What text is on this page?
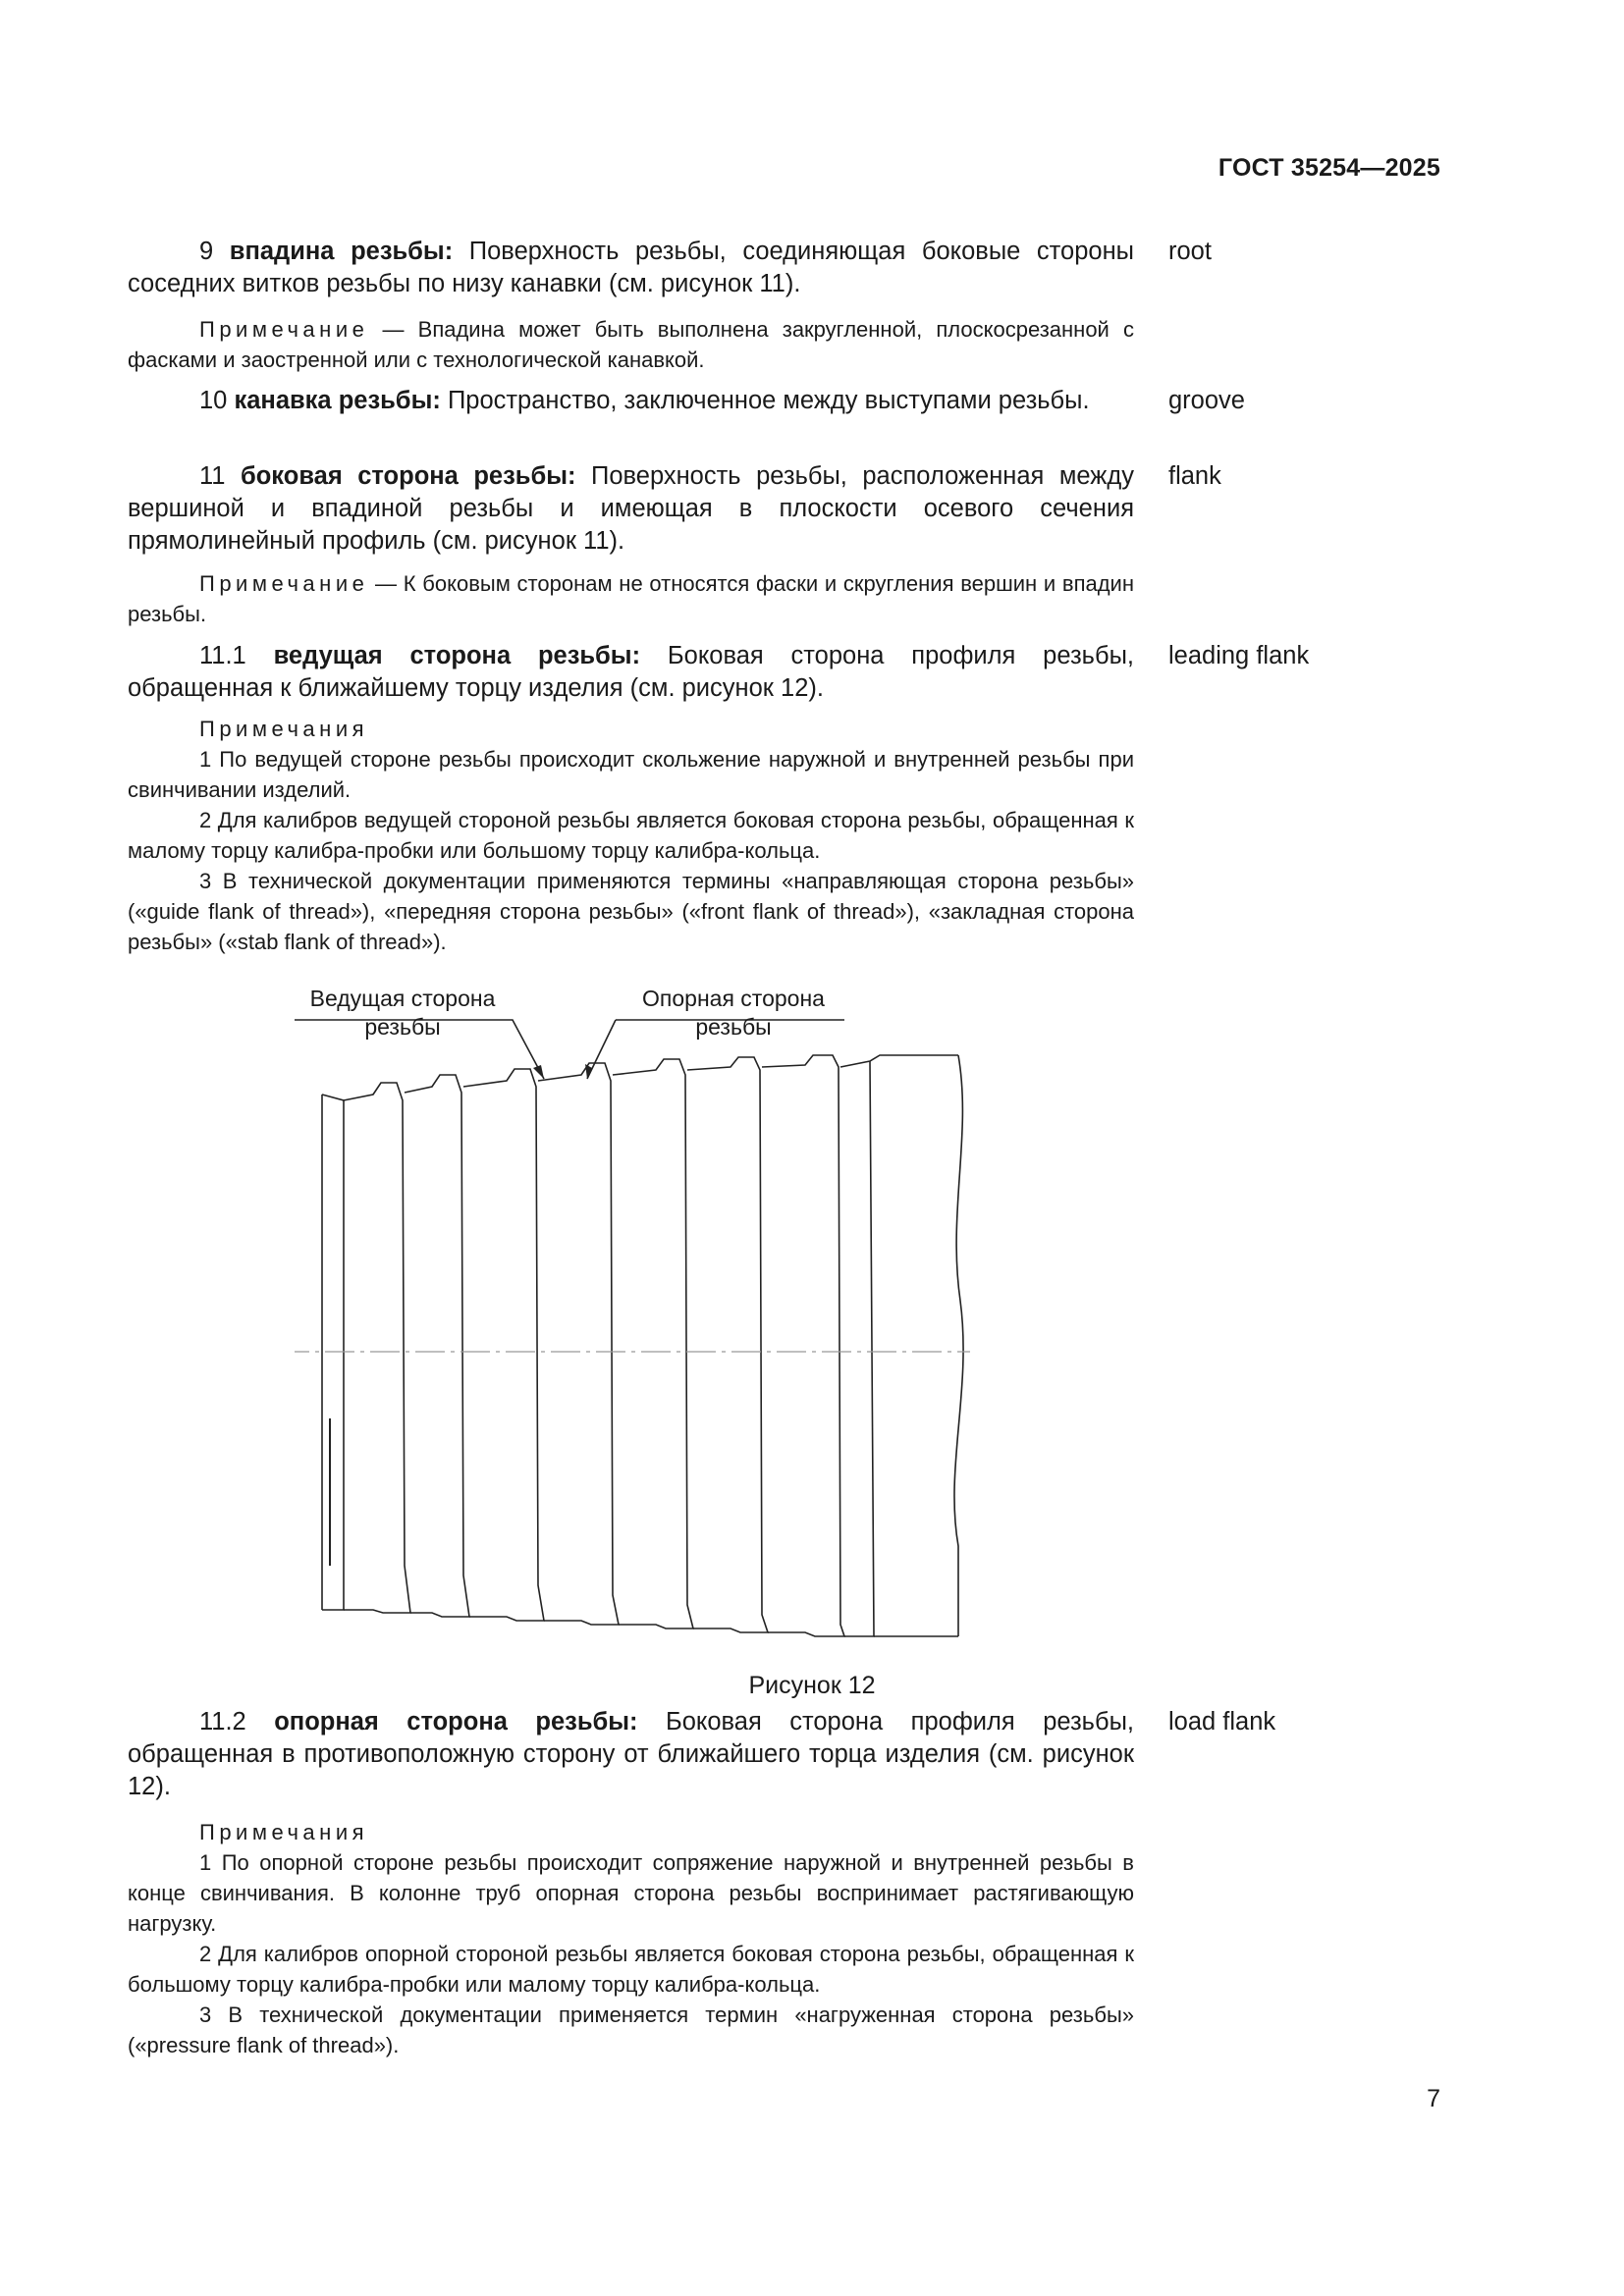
ГОСТ 35254—2025

9 впадина резьбы: Поверхность резьбы, соединяющая боковые стороны соседних витков резьбы по низу канавки (см. рисунок 11).

root

Примечание — Впадина может быть выполнена закругленной, плоскосрезанной с фасками и заостренной или с технологической канавкой.

10 канавка резьбы: Пространство, заключенное между выступами резьбы.	groove

11 боковая сторона резьбы: Поверхность резьбы, расположенная между вершиной и впадиной резьбы и имеющая в плоскости осевого сечения прямолинейный профиль (см. рисунок 11).

flank

Примечание — К боковым сторонам не относятся фаски и скругления вершин и впадин резьбы.

11.1 ведущая сторона резьбы: Боковая сторона профиля резьбы, обращенная к ближайшему торцу изделия (см. рисунок 12).

leading flank

Примечания

1 По ведущей стороне резьбы происходит скольжение наружной и внутренней резьбы при свинчивании изделий.

2 Для калибров ведущей стороной резьбы является боковая сторона резьбы, обращенная к малому торцу калибра-пробки или большому торцу калибра-кольца.

3 В технической документации применяются термины «направляющая сторона резьбы» («guide flank of thread»), «передняя сторона резьбы» («front flank of thread»), «закладная сторона резьбы» («stab flank of thread»).

Ведущая сторона
резьбы
Опорная сторона
резьбы
Рисунок 12

11.2 опорная сторона резьбы: Боковая сторона профиля резьбы, обращенная в противоположную сторону от ближайшего торца изделия (см. рисунок 12).

load flank

Примечания

1 По опорной стороне резьбы происходит сопряжение наружной и внутренней резьбы в конце свинчивания. В колонне труб опорная сторона резьбы воспринимает растягивающую нагрузку.

2 Для калибров опорной стороной резьбы является боковая сторона резьбы, обращенная к большому торцу калибра-пробки или малому торцу калибра-кольца.

3 В технической документации применяется термин «нагруженная сторона резьбы» («pressure flank of thread»).

7
